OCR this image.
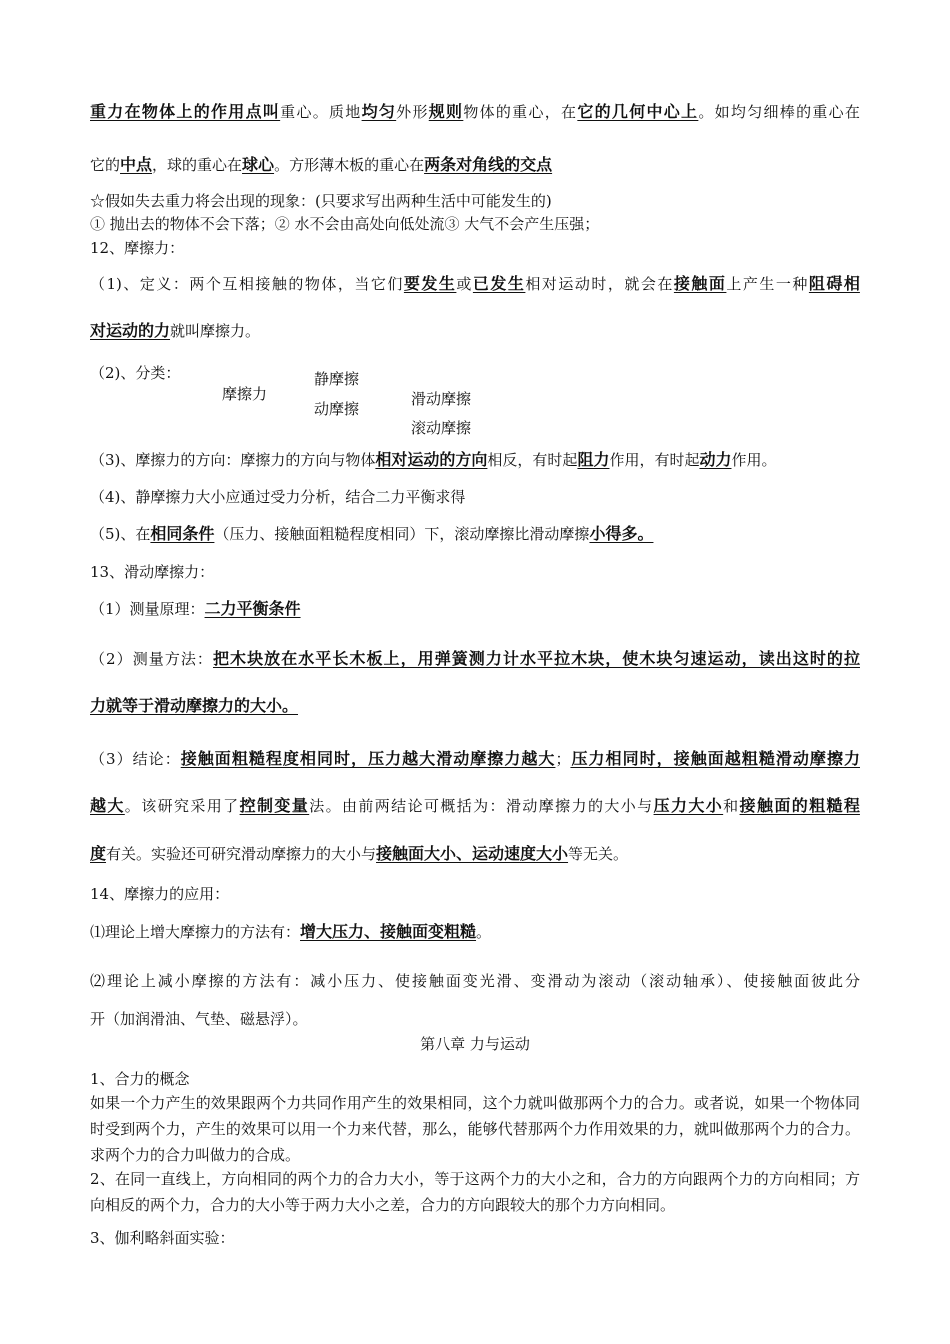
重力在物体上的作用点叫重心。质地均匀外形规则物体的重心，在它的几何中心上。如均匀细棒的重心在
它的中点，球的重心在球心。方形薄木板的重心在两条对角线的交点
☆假如失去重力将会出现的现象：(只要求写出两种生活中可能发生的)
① 抛出去的物体不会下落；② 水不会由高处向低处流③ 大气不会产生压强；
12、摩擦力：
（1)、定义：两个互相接触的物体，当它们要发生或已发生相对运动时，就会在接触面上产生一种阻碍相
对运动的力就叫摩擦力。
（2)、分类：
摩擦力
静摩擦
动摩擦
滑动摩擦
滚动摩擦
（3)、摩擦力的方向：摩擦力的方向与物体相对运动的方向相反，有时起阻力作用，有时起动力作用。
（4)、静摩擦力大小应通过受力分析，结合二力平衡求得
（5)、在相同条件（压力、接触面粗糙程度相同）下，滚动摩擦比滑动摩擦小得多。
13、滑动摩擦力：
（1）测量原理：二力平衡条件
（2）测量方法：把木块放在水平长木板上，用弹簧测力计水平拉木块，使木块匀速运动，读出这时的拉
力就等于滑动摩擦力的大小。
（3）结论：接触面粗糙程度相同时，压力越大滑动摩擦力越大；压力相同时，接触面越粗糙滑动摩擦力
越大。该研究采用了控制变量法。由前两结论可概括为：滑动摩擦力的大小与压力大小和接触面的粗糙程
度有关。实验还可研究滑动摩擦力的大小与接触面大小、运动速度大小等无关。
14、摩擦力的应用：
⑴理论上增大摩擦力的方法有：增大压力、接触面变粗糙。
⑵理论上减小摩擦的方法有：减小压力、使接触面变光滑、变滑动为滚动（滚动轴承）、使接触面彼此分
开（加润滑油、气垫、磁悬浮）。
第八章 力与运动
1、合力的概念
如果一个力产生的效果跟两个力共同作用产生的效果相同，这个力就叫做那两个力的合力。或者说，如果一个物体同时受到两个力，产生的效果可以用一个力来代替，那么，能够代替那两个力作用效果的力，就叫做那两个力的合力。求两个力的合力叫做力的合成。
2、在同一直线上，方向相同的两个力的合力大小，等于这两个力的大小之和，合力的方向跟两个力的方向相同；方向相反的两个力，合力的大小等于两力大小之差，合力的方向跟较大的那个力方向相同。
3、伽利略斜面实验：
